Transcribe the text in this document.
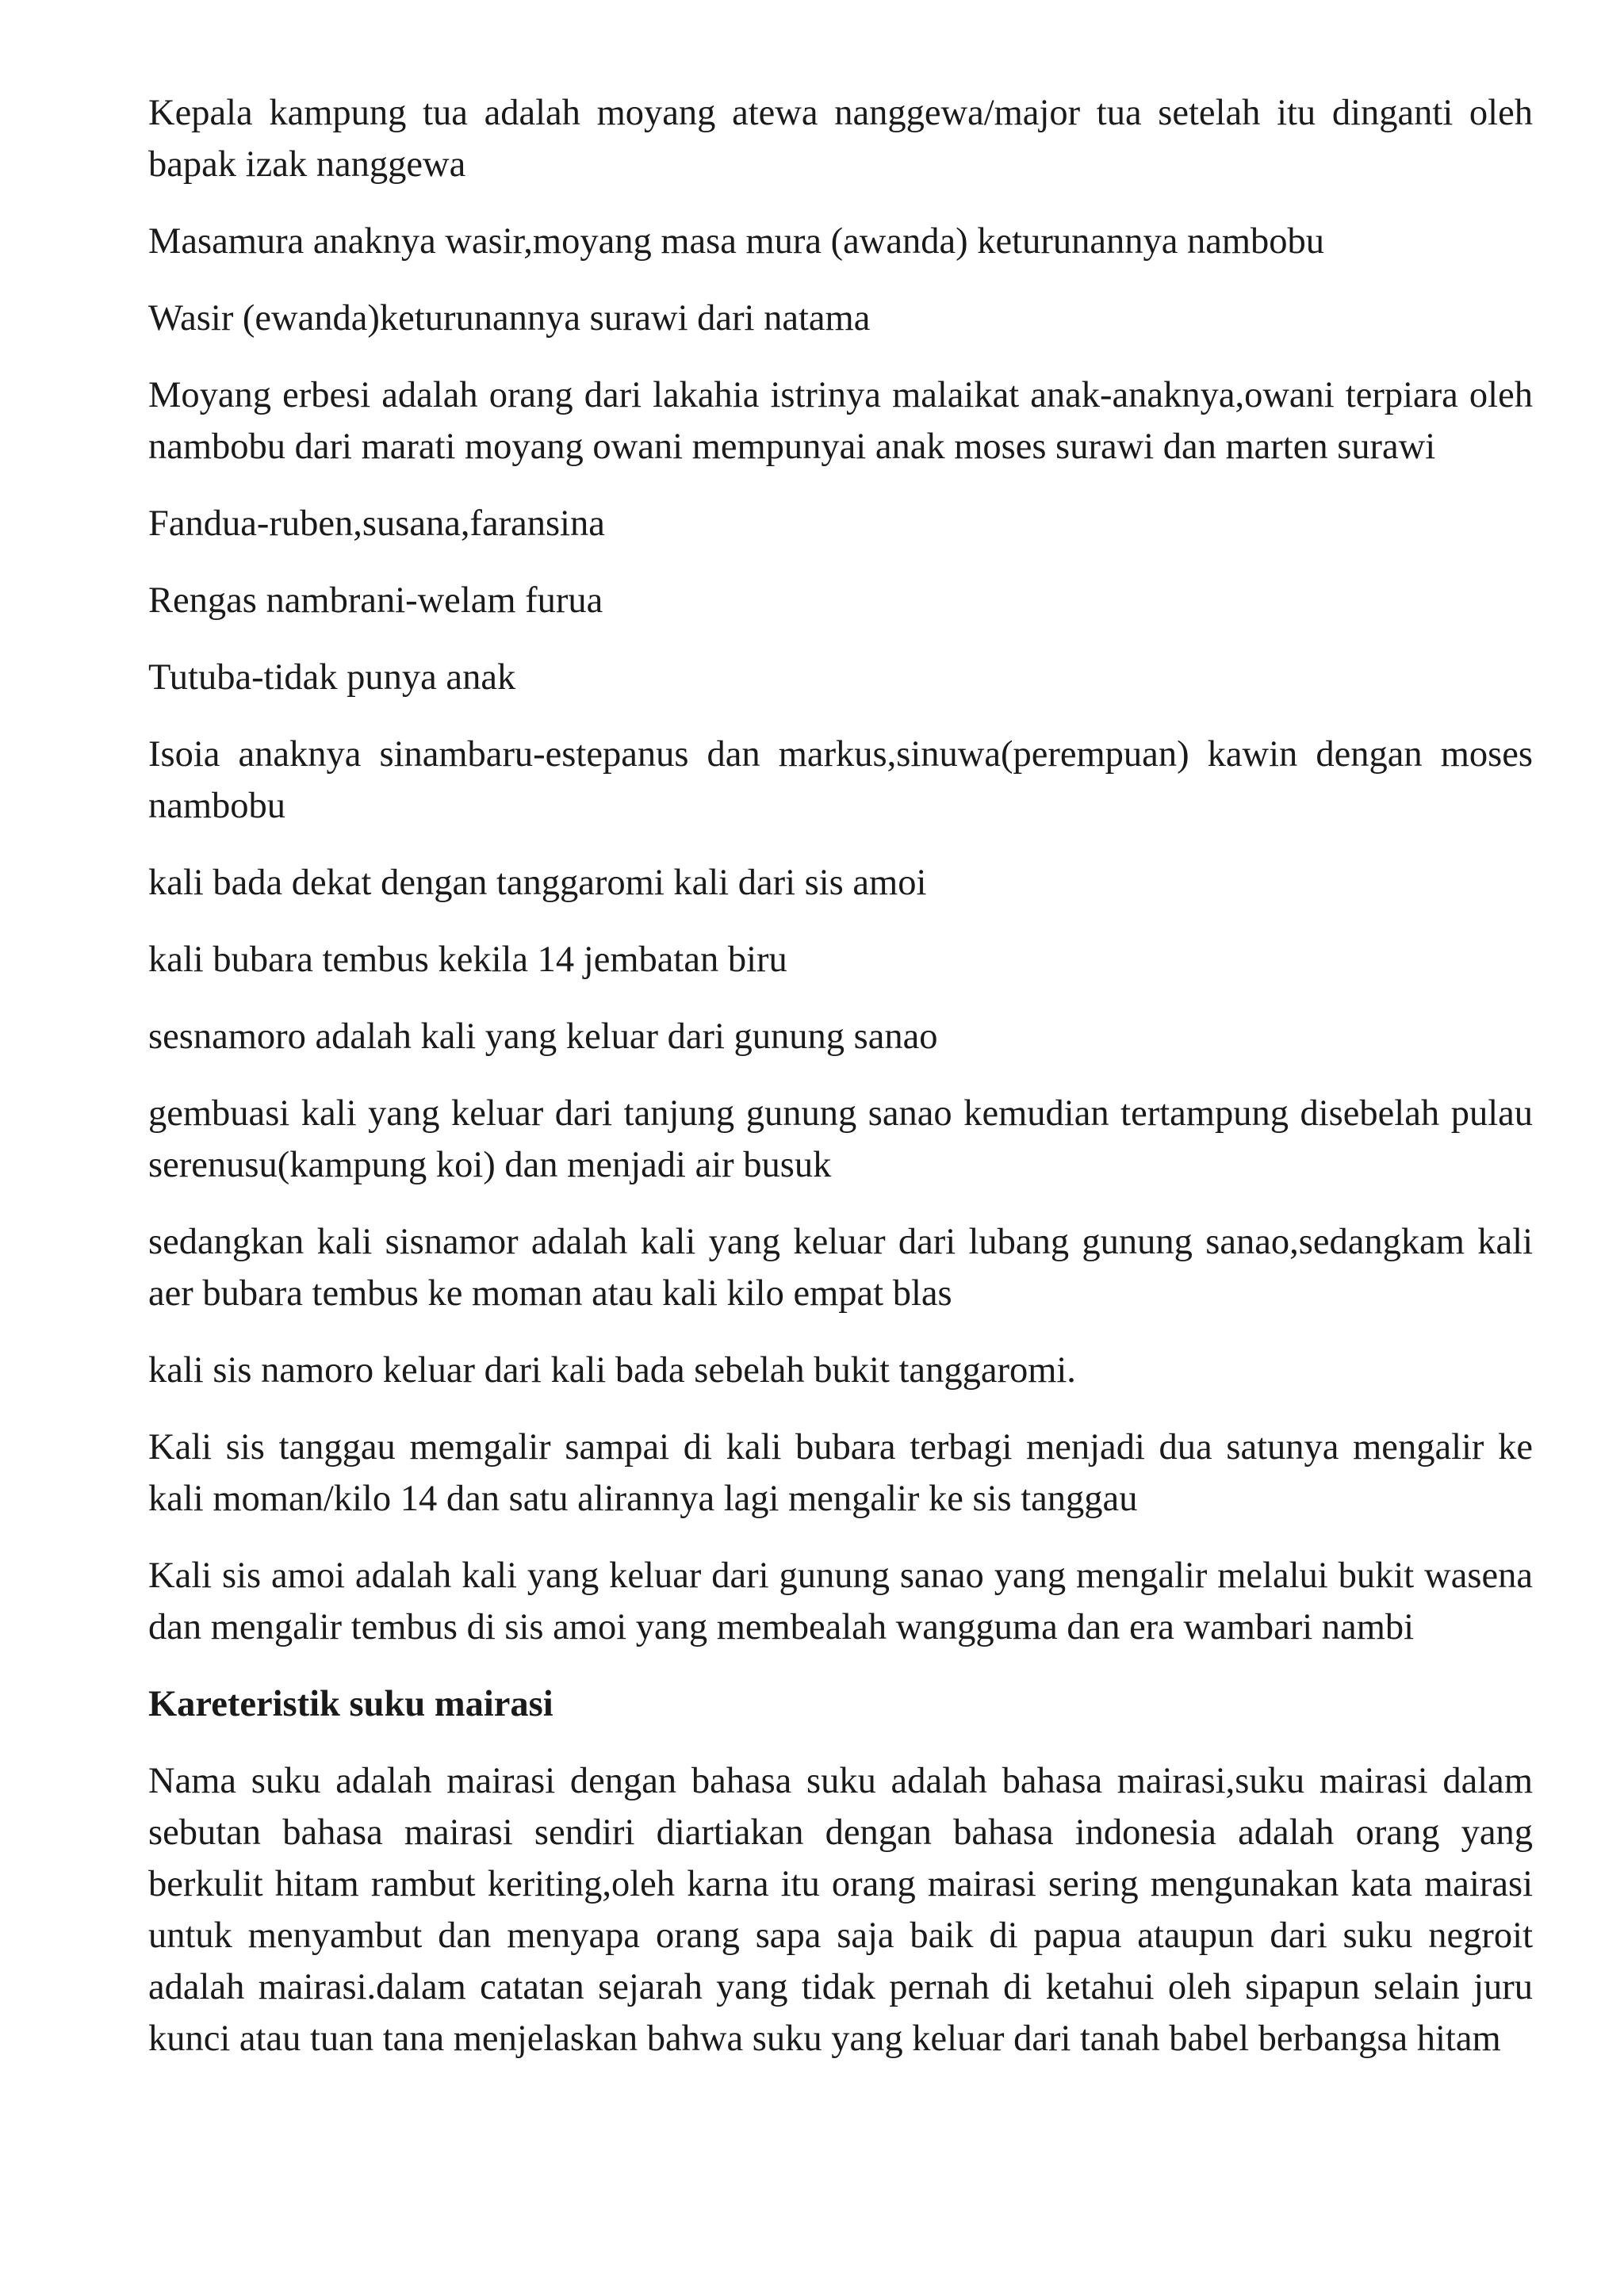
Kepala kampung tua adalah moyang atewa nanggewa/major tua setelah itu dinganti oleh bapak izak nanggewa

Masamura anaknya wasir,moyang masa mura (awanda) keturunannya nambobu

Wasir (ewanda)keturunannya surawi dari natama

Moyang erbesi adalah orang dari lakahia istrinya malaikat anak-anaknya,owani terpiara oleh nambobu dari marati moyang owani mempunyai anak moses surawi dan marten surawi

Fandua-ruben,susana,faransina

Rengas nambrani-welam furua

Tutuba-tidak punya anak

Isoia anaknya sinambaru-estepanus dan markus,sinuwa(perempuan) kawin dengan moses nambobu

kali bada dekat dengan tanggaromi kali dari sis amoi

kali bubara tembus kekila 14 jembatan biru

sesnamoro adalah kali yang keluar dari gunung sanao

gembuasi kali yang keluar dari tanjung gunung sanao kemudian tertampung disebelah pulau serenusu(kampung koi) dan menjadi air busuk

sedangkan kali sisnamor adalah kali yang keluar dari lubang gunung sanao,sedangkam kali aer bubara tembus ke moman atau kali kilo empat blas

kali sis namoro keluar dari kali bada sebelah bukit tanggaromi.

Kali sis tanggau memgalir sampai di kali bubara terbagi menjadi dua satunya mengalir ke kali moman/kilo 14 dan satu alirannya lagi mengalir ke sis tanggau

Kali sis amoi adalah kali yang keluar dari gunung sanao yang mengalir melalui bukit wasena dan mengalir tembus di sis amoi yang membealah wangguma dan era wambari nambi

Kareteristik suku mairasi

Nama suku adalah mairasi dengan bahasa suku adalah bahasa mairasi,suku mairasi dalam sebutan bahasa mairasi sendiri diartiakan dengan bahasa indonesia adalah orang yang berkulit hitam rambut keriting,oleh karna itu orang mairasi sering mengunakan kata mairasi untuk menyambut dan menyapa orang sapa saja baik di papua ataupun dari suku negroit adalah mairasi.dalam catatan sejarah yang tidak pernah di ketahui oleh sipapun selain juru kunci atau tuan tana menjelaskan bahwa suku yang keluar dari tanah babel berbangsa hitam
